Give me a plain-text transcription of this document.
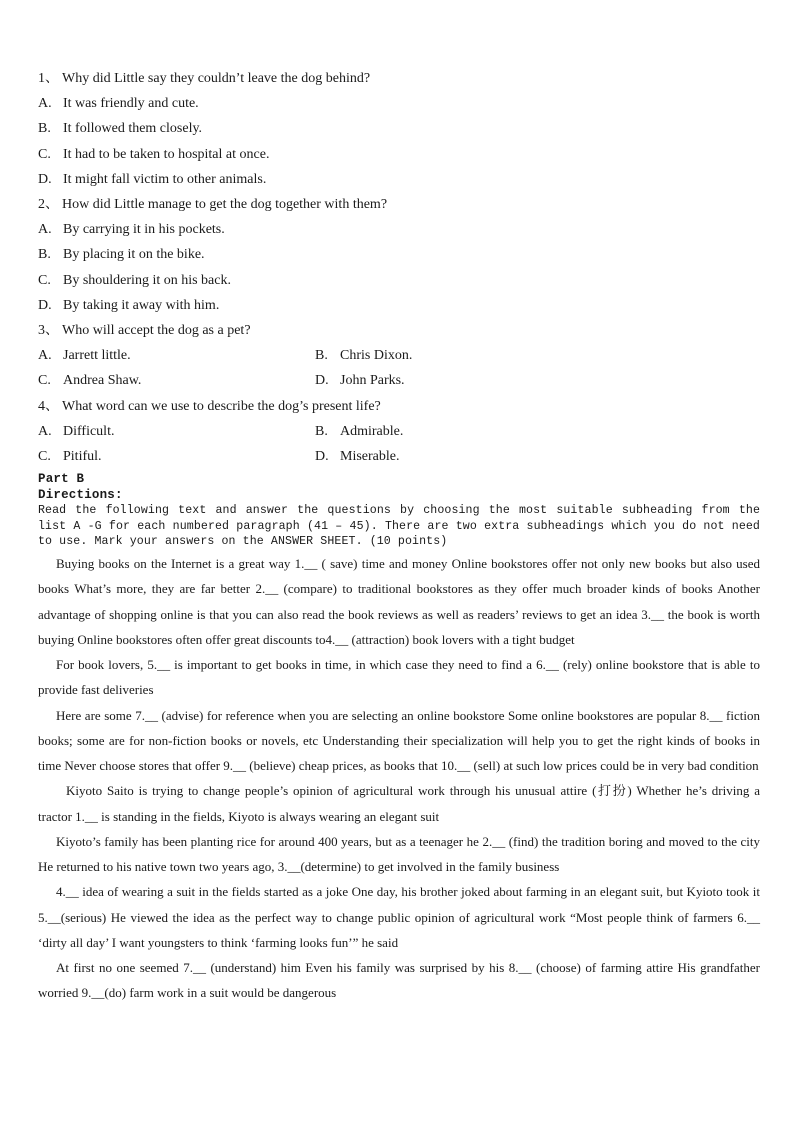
1、 Why did Little say they couldn’t leave the dog behind?
A. It was friendly and cute.
B. It followed them closely.
C. It had to be taken to hospital at once.
D. It might fall victim to other animals.
2、 How did Little manage to get the dog together with them?
A. By carrying it in his pockets.
B. By placing it on the bike.
C. By shouldering it on his back.
D. By taking it away with him.
3、 Who will accept the dog as a pet?
A. Jarrett little.	B. Chris Dixon.
C. Andrea Shaw.	D. John Parks.
4、 What word can we use to describe the dog’s present life?
A. Difficult.	B. Admirable.
C. Pitiful.	D. Miserable.
Part B
Directions:

Read the following text and answer the questions by choosing the most suitable subheading from the list A -G for each numbered paragraph (41 – 45). There are two extra subheadings which you do not need to use. Mark your answers on the ANSWER SHEET. (10 points)

Buying books on the Internet is a great way 1.__ ( save) time and money Online bookstores offer not only new books but also used books What’s more, they are far better 2.__ (compare) to traditional bookstores as they offer much broader kinds of books Another advantage of shopping online is that you can also read the book reviews as well as readers’ reviews to get an idea 3.__ the book is worth buying Online bookstores often offer great discounts to4.__ (attraction) book lovers with a tight budget

For book lovers, 5.__ is important to get books in time, in which case they need to find a 6.__ (rely) online bookstore that is able to provide fast deliveries

Here are some 7.__ (advise) for reference when you are selecting an online bookstore Some online bookstores are popular 8.__ fiction books; some are for non-fiction books or novels, etc Understanding their specialization will help you to get the right kinds of books in time Never choose stores that offer 9.__ (believe) cheap prices, as books that 10.__ (sell) at such low prices could be in very bad condition

Kiyoto Saito is trying to change people’s opinion of agricultural work through his unusual attire (打扮) Whether he’s driving a tractor 1.__ is standing in the fields, Kiyoto is always wearing an elegant suit

Kiyoto’s family has been planting rice for around 400 years, but as a teenager he 2.__ (find) the tradition boring and moved to the city He returned to his native town two years ago, 3.__(determine) to get involved in the family business

4.__ idea of wearing a suit in the fields started as a joke One day, his brother joked about farming in an elegant suit, but Kyioto took it 5.__(serious) He viewed the idea as the perfect way to change public opinion of agricultural work “Most people think of farmers 6.__ ‘dirty all day’ I want youngsters to think ‘farming looks fun’” he said

At first no one seemed 7.__ (understand) him Even his family was surprised by his 8.__ (choose) of farming attire His grandfather worried 9.__(do) farm work in a suit would be dangerous
